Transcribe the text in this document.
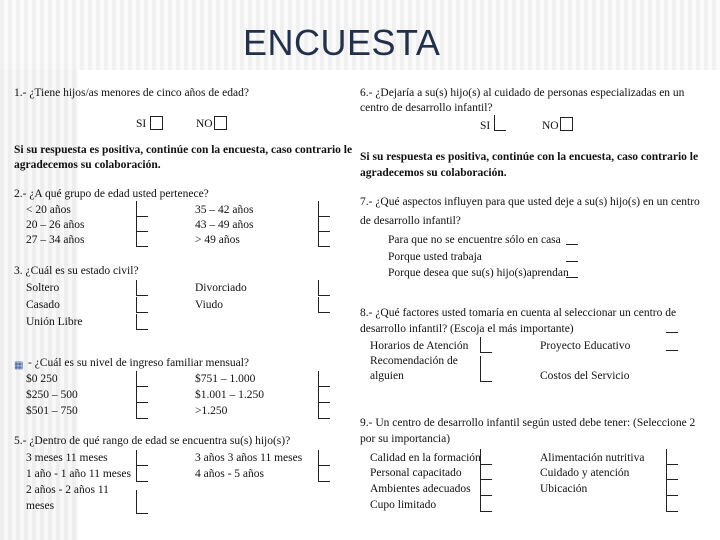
ENCUESTA
▦
1.- ¿Tiene hijos/as menores de cinco años de edad?
SI	NO
Si su respuesta es positiva, continúe con la encuesta, caso contrario le
agradecemos su colaboración.
2.- ¿A qué grupo de edad usted pertenece?
< 20 años
20 – 26 años
27 – 34 años
35 – 42 años
43 – 49 años
> 49 años
3. ¿Cuál es su estado civil?
Soltero
Casado
Unión Libre
Divorciado
Viudo
- ¿Cuál es su nivel de ingreso familiar mensual?
$0 250
$250 – 500
$501 – 750
$751 – 1.000
$1.001 – 1.250
>1.250
5.- ¿Dentro de qué rango de edad se encuentra su(s) hijo(s)?
3 meses 11 meses
1 año - 1 año 11 meses
2 años - 2 años 11
meses
3 años 3 años 11 meses
4 años - 5 años
6.- ¿Dejaría a su(s) hijo(s) al cuidado de personas especializadas en un
centro de desarrollo infantil?
SI	NO
Si su respuesta es positiva, continúe con la encuesta, caso contrario le
agradecemos su colaboración.
7.- ¿Qué aspectos influyen para que usted deje a su(s) hijo(s) en un centro
de desarrollo infantil?
Para que no se encuentre sólo en casa
Porque usted trabaja
Porque desea que su(s) hijo(s)aprendan
8.- ¿Qué factores usted tomaría en cuenta al seleccionar un centro de
desarrollo infantil? (Escoja el más importante)
Horarios de Atención
Recomendación de
alguien
Proyecto Educativo
Costos del Servicio
9.- Un centro de desarrollo infantil según usted debe tener: (Seleccione 2
por su importancia)
Calidad en la formación
Personal capacitado
Ambientes adecuados
Cupo limitado
Alimentación nutritiva
Cuidado y atención
Ubicación
